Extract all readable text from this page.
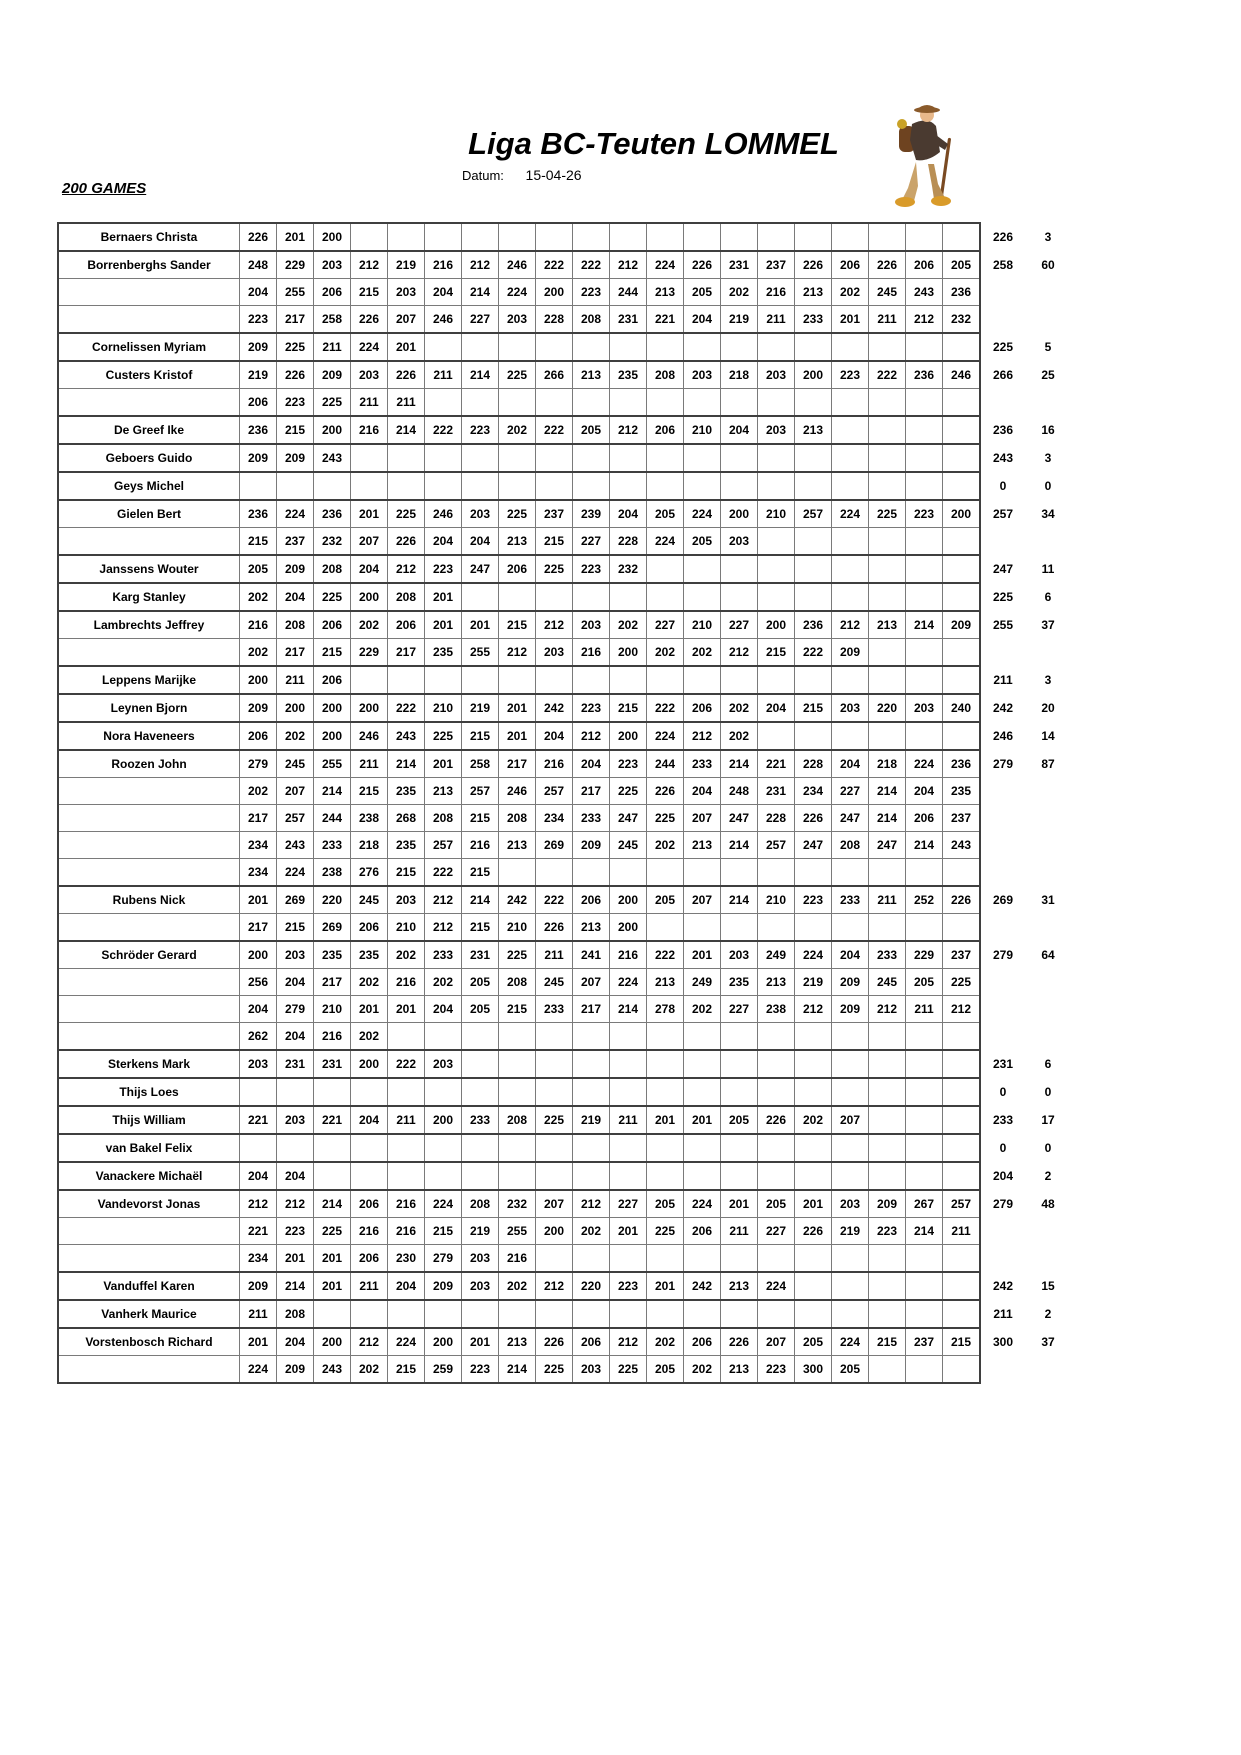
Liga BC-Teuten LOMMEL
Datum: 15-04-26
200 GAMES
Bernaers Christa	226	201	200																		226	3
Borrenberghs Sander	248	229	203	212	219	216	212	246	222	222	212	224	226	231	237	226	206	226	206	205	258	60
	204	255	206	215	203	204	214	224	200	223	244	213	205	202	216	213	202	245	243	236		
	223	217	258	226	207	246	227	203	228	208	231	221	204	219	211	233	201	211	212	232		
Cornelissen Myriam	209	225	211	224	201																225	5
Custers Kristof	219	226	209	203	226	211	214	225	266	213	235	208	203	218	203	200	223	222	236	246	266	25
	206	223	225	211	211																	
De Greef Ike	236	215	200	216	214	222	223	202	222	205	212	206	210	204	203	213					236	16
Geboers Guido	209	209	243																		243	3
Geys Michel																					0	0
Gielen Bert	236	224	236	201	225	246	203	225	237	239	204	205	224	200	210	257	224	225	223	200	257	34
	215	237	232	207	226	204	204	213	215	227	228	224	205	203								
Janssens Wouter	205	209	208	204	212	223	247	206	225	223	232										247	11
Karg Stanley	202	204	225	200	208	201															225	6
Lambrechts Jeffrey	216	208	206	202	206	201	201	215	212	203	202	227	210	227	200	236	212	213	214	209	255	37
	202	217	215	229	217	235	255	212	203	216	200	202	202	212	215	222	209					
Leppens Marijke	200	211	206																		211	3
Leynen Bjorn	209	200	200	200	222	210	219	201	242	223	215	222	206	202	204	215	203	220	203	240	242	20
Nora Haveneers	206	202	200	246	243	225	215	201	204	212	200	224	212	202							246	14
Roozen John	279	245	255	211	214	201	258	217	216	204	223	244	233	214	221	228	204	218	224	236	279	87
	202	207	214	215	235	213	257	246	257	217	225	226	204	248	231	234	227	214	204	235		
	217	257	244	238	268	208	215	208	234	233	247	225	207	247	228	226	247	214	206	237		
	234	243	233	218	235	257	216	213	269	209	245	202	213	214	257	247	208	247	214	243		
	234	224	238	276	215	222	215															
Rubens Nick	201	269	220	245	203	212	214	242	222	206	200	205	207	214	210	223	233	211	252	226	269	31
	217	215	269	206	210	212	215	210	226	213	200											
Schröder Gerard	200	203	235	235	202	233	231	225	211	241	216	222	201	203	249	224	204	233	229	237	279	64
	256	204	217	202	216	202	205	208	245	207	224	213	249	235	213	219	209	245	205	225		
	204	279	210	201	201	204	205	215	233	217	214	278	202	227	238	212	209	212	211	212		
	262	204	216	202																		
Sterkens Mark	203	231	231	200	222	203															231	6
Thijs Loes																					0	0
Thijs William	221	203	221	204	211	200	233	208	225	219	211	201	201	205	226	202	207				233	17
van Bakel Felix																					0	0
Vanackere Michaël	204	204																			204	2
Vandevorst Jonas	212	212	214	206	216	224	208	232	207	212	227	205	224	201	205	201	203	209	267	257	279	48
	221	223	225	216	216	215	219	255	200	202	201	225	206	211	227	226	219	223	214	211		
	234	201	201	206	230	279	203	216														
Vanduffel Karen	209	214	201	211	204	209	203	202	212	220	223	201	242	213	224						242	15
Vanherk Maurice	211	208																			211	2
Vorstenbosch Richard	201	204	200	212	224	200	201	213	226	206	212	202	206	226	207	205	224	215	237	215	300	37
	224	209	243	202	215	259	223	214	225	203	225	205	202	213	223	300	205					
